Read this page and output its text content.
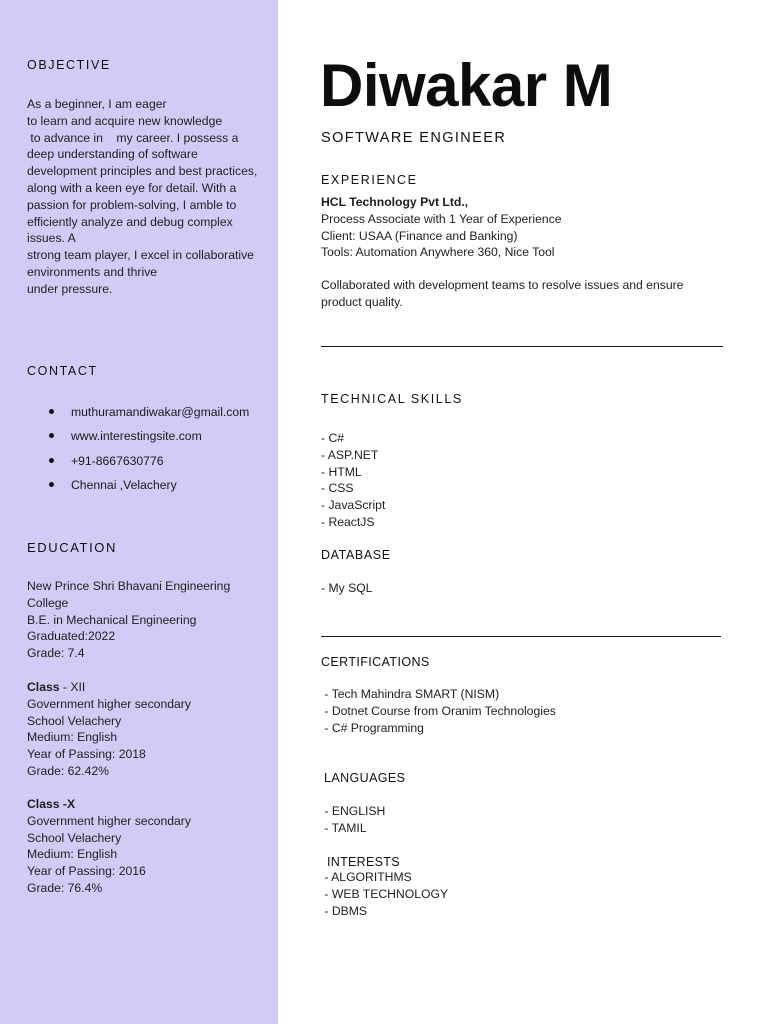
OBJECTIVE
As a beginner, I am eager
to learn and acquire new knowledge
to advance in    my career. I possess a
deep understanding of software
development principles and best practices,
along with a keen eye for detail. With a
passion for problem-solving, I amble to
efficiently analyze and debug complex
issues. A
strong team player, I excel in collaborative
environments and thrive
under pressure.
CONTACT
muthuramandiwakar@gmail.com
www.interestingsite.com
+91-8667630776
Chennai ,Velachery
EDUCATION
New Prince Shri Bhavani Engineering
College
B.E. in Mechanical Engineering
Graduated:2022
Grade: 7.4
Class - XII
Government higher secondary
School Velachery
Medium: English
Year of Passing: 2018
Grade: 62.42%
Class -X
Government higher secondary
School Velachery
Medium: English
Year of Passing: 2016
Grade: 76.4%
Diwakar M
SOFTWARE ENGINEER
EXPERIENCE
HCL Technology Pvt Ltd.,
Process Associate with 1 Year of Experience
Client: USAA (Finance and Banking)
Tools: Automation Anywhere 360, Nice Tool
Collaborated with development teams to resolve issues and ensure
product quality.
TECHNICAL SKILLS
- C#
- ASP.NET
- HTML
- CSS
- JavaScript
- ReactJS
DATABASE
- My SQL
CERTIFICATIONS
- Tech Mahindra SMART (NISM)
- Dotnet Course from Oranim Technologies
- C# Programming
LANGUAGES
- ENGLISH
- TAMIL
INTERESTS
- ALGORITHMS
- WEB TECHNOLOGY
- DBMS
